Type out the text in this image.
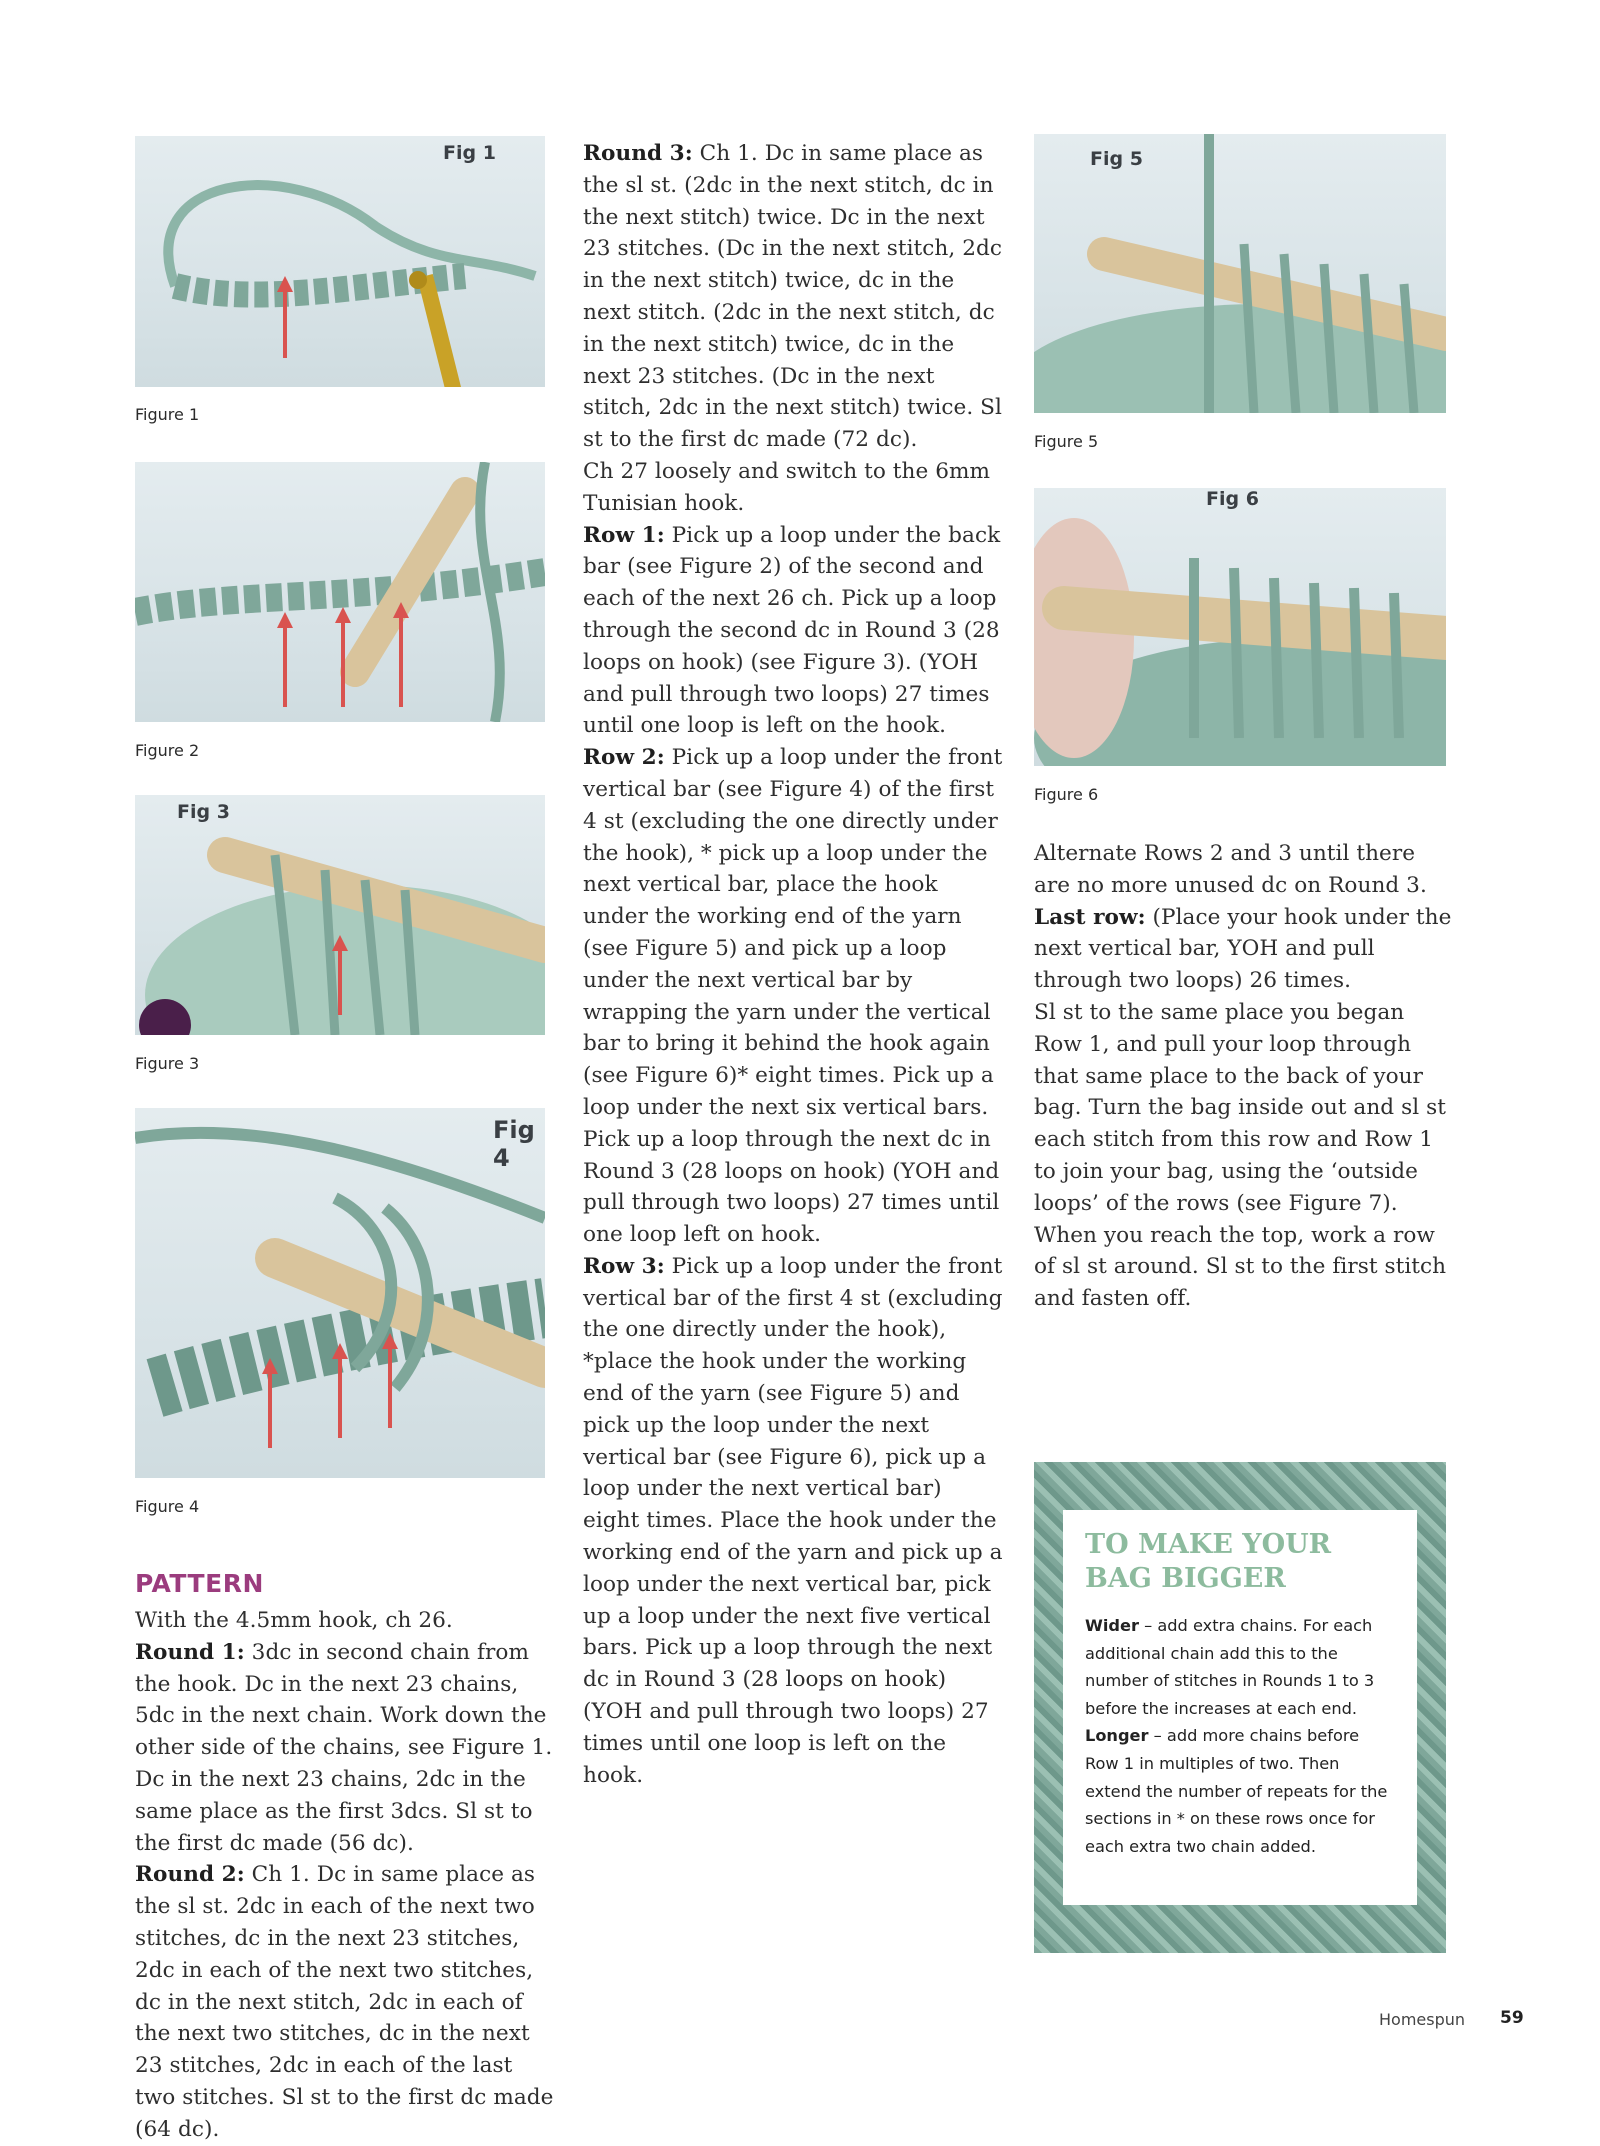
Fig 1
Figure 1
Figure 2
Fig 3
Figure 3
Fig 4
Figure 4
PATTERN

With the 4.5mm hook, ch 26.

Round 1: 3dc in second chain from the hook. Dc in the next 23 chains, 5dc in the next chain. Work down the other side of the chains, see Figure 1. Dc in the next 23 chains, 2dc in the same place as the first 3dcs. Sl st to the first dc made (56 dc).

Round 2: Ch 1. Dc in same place as the sl st. 2dc in each of the next two stitches, dc in the next 23 stitches, 2dc in each of the next two stitches, dc in the next stitch, 2dc in each of the next two stitches, dc in the next 23 stitches, 2dc in each of the last two stitches. Sl st to the first dc made (64 dc).

Round 3: Ch 1. Dc in same place as the sl st. (2dc in the next stitch, dc in the next stitch) twice. Dc in the next 23 stitches. (Dc in the next stitch, 2dc in the next stitch) twice, dc in the next stitch. (2dc in the next stitch, dc in the next stitch) twice, dc in the next 23 stitches. (Dc in the next stitch, 2dc in the next stitch) twice. Sl st to the first dc made (72 dc).

Ch 27 loosely and switch to the 6mm Tunisian hook.

Row 1: Pick up a loop under the back bar (see Figure 2) of the second and each of the next 26 ch. Pick up a loop through the second dc in Round 3 (28 loops on hook) (see Figure 3). (YOH and pull through two loops) 27 times until one loop is left on the hook.

Row 2: Pick up a loop under the front vertical bar (see Figure 4) of the first 4 st (excluding the one directly under the hook), * pick up a loop under the next vertical bar, place the hook under the working end of the yarn (see Figure 5) and pick up a loop under the next vertical bar by wrapping the yarn under the vertical bar to bring it behind the hook again (see Figure 6)* eight times. Pick up a loop under the next six vertical bars. Pick up a loop through the next dc in Round 3 (28 loops on hook) (YOH and pull through two loops) 27 times until one loop left on hook.

Row 3: Pick up a loop under the front vertical bar of the first 4 st (excluding the one directly under the hook), *place the hook under the working end of the yarn (see Figure 5) and pick up the loop under the next vertical bar (see Figure 6), pick up a loop under the next vertical bar) eight times. Place the hook under the working end of the yarn and pick up a loop under the next vertical bar, pick up a loop under the next five vertical bars. Pick up a loop through the next dc in Round 3 (28 loops on hook) (YOH and pull through two loops) 27 times until one loop is left on the hook.

Fig 5
Figure 5
Fig 6
Figure 6

Alternate Rows 2 and 3 until there are no more unused dc on Round 3.

Last row: (Place your hook under the next vertical bar, YOH and pull through two loops) 26 times.

Sl st to the same place you began Row 1, and pull your loop through that same place to the back of your bag. Turn the bag inside out and sl st each stitch from this row and Row 1 to join your bag, using the ‘outside loops’ of the rows (see Figure 7).

When you reach the top, work a row of sl st around. Sl st to the first stitch and fasten off.

TO MAKE YOUR
BAG BIGGER
Wider – add extra chains. For each additional chain add this to the number of stitches in Rounds 1 to 3 before the increases at each end.
Longer – add more chains before Row 1 in multiples of two. Then extend the number of repeats for the sections in * on these rows once for each extra two chain added.
Homespun 59
